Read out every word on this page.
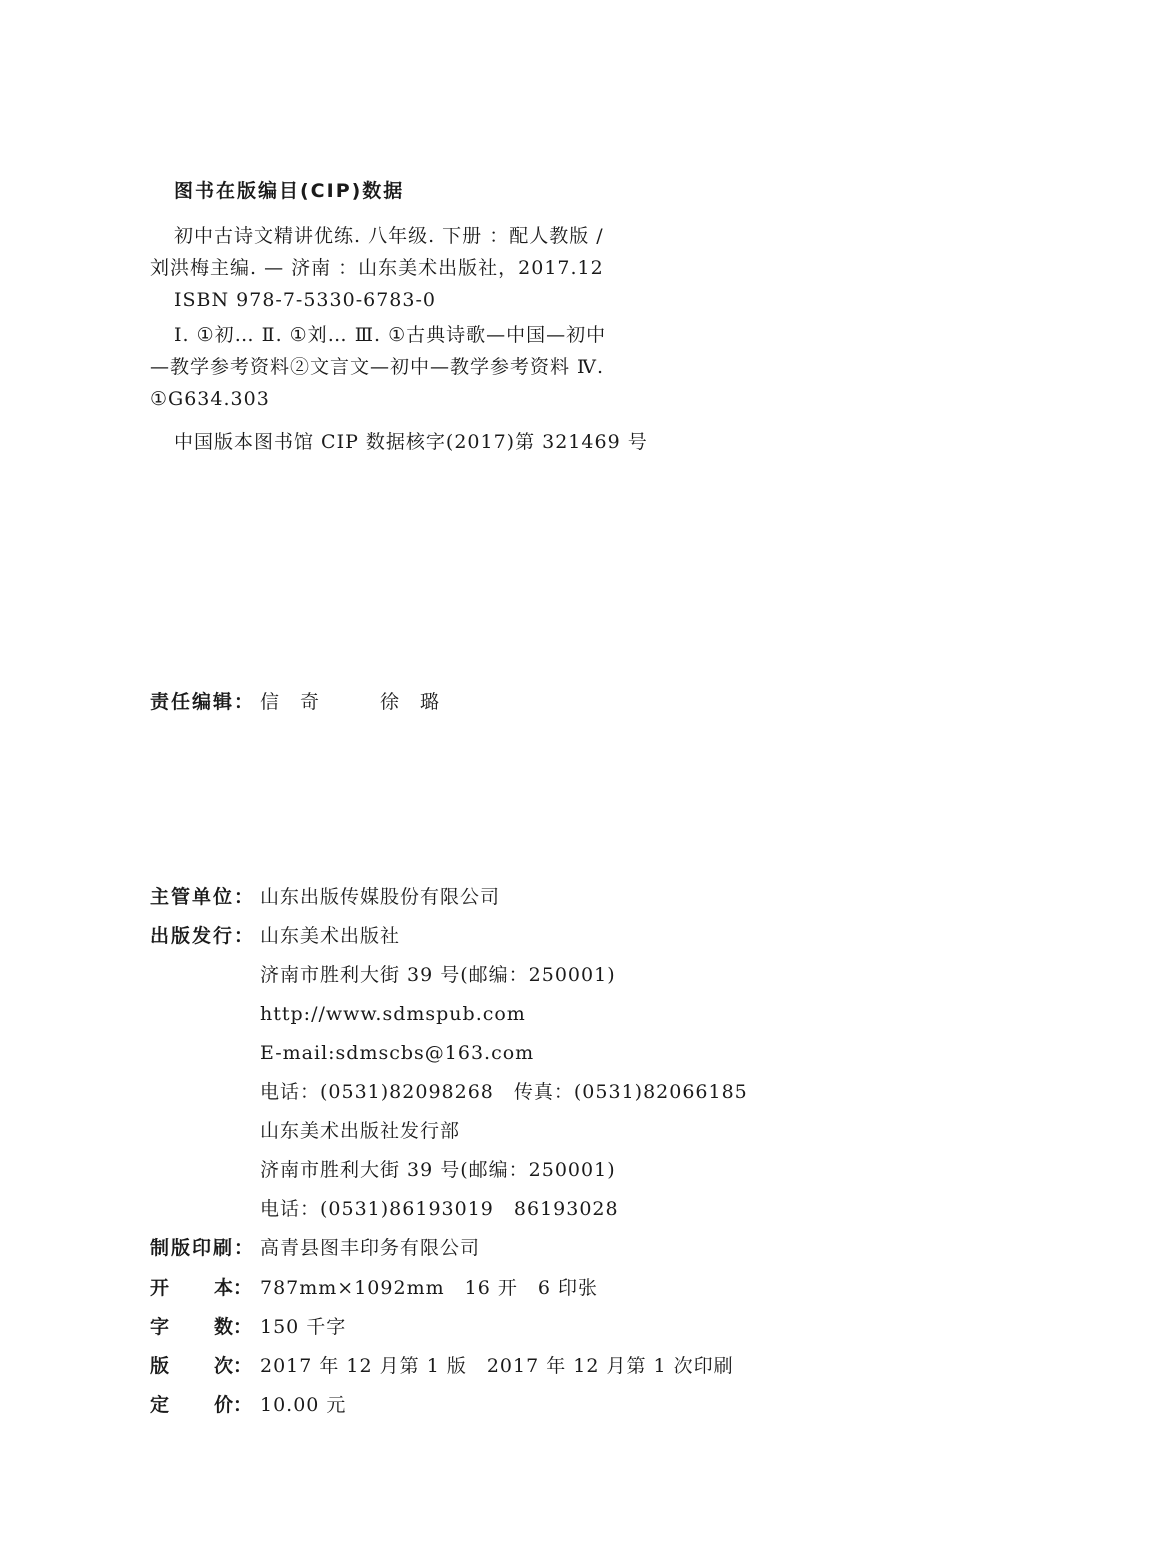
图书在版编目(CIP)数据
初中古诗文精讲优练. 八年级. 下册 ：配人教版 /
刘洪梅主编. — 济南 ：山东美术出版社，2017.12
ISBN 978-7-5330-6783-0
Ⅰ. ①初… Ⅱ. ①刘… Ⅲ. ①古典诗歌—中国—初中
—教学参考资料②文言文—初中—教学参考资料 Ⅳ.
①G634.303
中国版本图书馆 CIP 数据核字(2017)第 321469 号
责任编辑： 信　奇　　　徐　璐
主管单位： 山东出版传媒股份有限公司
出版发行： 山东美术出版社
济南市胜利大街 39 号(邮编：250001)
http://www.sdmspub.com
E-mail:sdmscbs@163.com
电话：(0531)82098268　传真：(0531)82066185
山东美术出版社发行部
济南市胜利大街 39 号(邮编：250001)
电话：(0531)86193019　86193028
制版印刷： 高青县图丰印务有限公司
开 本： 787mm×1092mm　16 开　6 印张
字 数： 150 千字
版 次： 2017 年 12 月第 1 版　2017 年 12 月第 1 次印刷
定 价： 10.00 元
